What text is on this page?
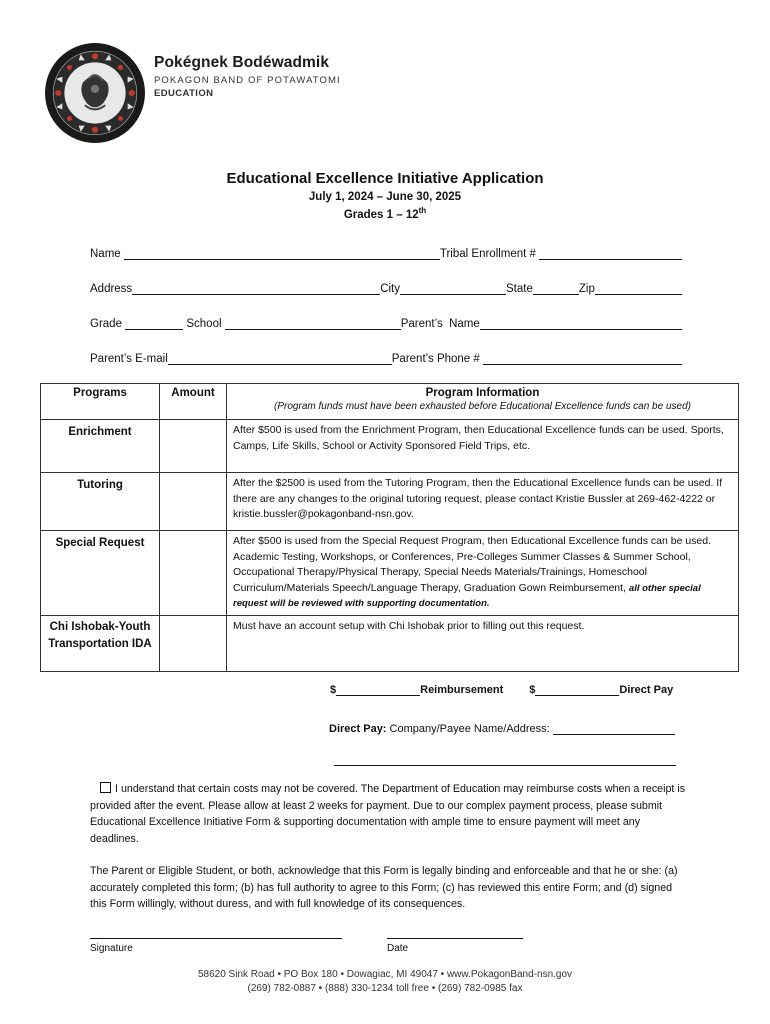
Pokégnek Bodéwadmik
POKAGON BAND OF POTAWATOMI
EDUCATION
Educational Excellence Initiative Application
July 1, 2024 – June 30, 2025
Grades 1 – 12th
Name	Tribal Enrollment #
Address	City	State	Zip
Grade	School	Parent’s  Name
Parent’s E-mail	Parent’s Phone #
Programs	Amount	Program Information
(Program funds must have been exhausted before Educational Excellence funds can be used)

Enrichment		After $500 is used from the Enrichment Program, then Educational Excellence funds can be used. Sports, Camps, Life Skills, School or Activity Sponsored Field Trips, etc.
Tutoring		After the $2500 is used from the Tutoring Program, then the Educational Excellence funds can be used. If there are any changes to the original tutoring request, please contact Kristie Bussler at 269-462-4222 or kristie.bussler@pokagonband-nsn.gov.
Special Request		After $500 is used from the Special Request Program, then Educational Excellence funds can be used. Academic Testing, Workshops, or Conferences, Pre-Colleges Summer Classes & Summer School, Occupational Therapy/Physical Therapy, Special Needs Materials/Trainings, Homeschool Curriculum/Materials Speech/Language Therapy, Graduation Gown Reimbursement, all other special request will be reviewed with supporting documentation.
Chi Ishobak-Youth Transportation IDA		Must have an account setup with Chi Ishobak prior to filling out this request.
$	Reimbursement $	Direct Pay
Direct Pay: Company/Payee Name/Address:
I understand that certain costs may not be covered. The Department of Education may reimburse costs when a receipt is provided after the event. Please allow at least 2 weeks for payment. Due to our complex payment process, please submit Educational Excellence Initiative Form & supporting documentation with ample time to ensure payment will meet any deadlines.
The Parent or Eligible Student, or both, acknowledge that this Form is legally binding and enforceable and that he or she: (a) accurately completed this form; (b) has full authority to agree to this Form; (c) has reviewed this entire Form; and (d) signed this Form willingly, without duress, and with full knowledge of its consequences.
Signature	Date
58620 Sink Road • PO Box 180 • Dowagiac, MI 49047 • www.PokagonBand-nsn.gov
(269) 782-0887 • (888) 330-1234 toll free • (269) 782-0985 fax
